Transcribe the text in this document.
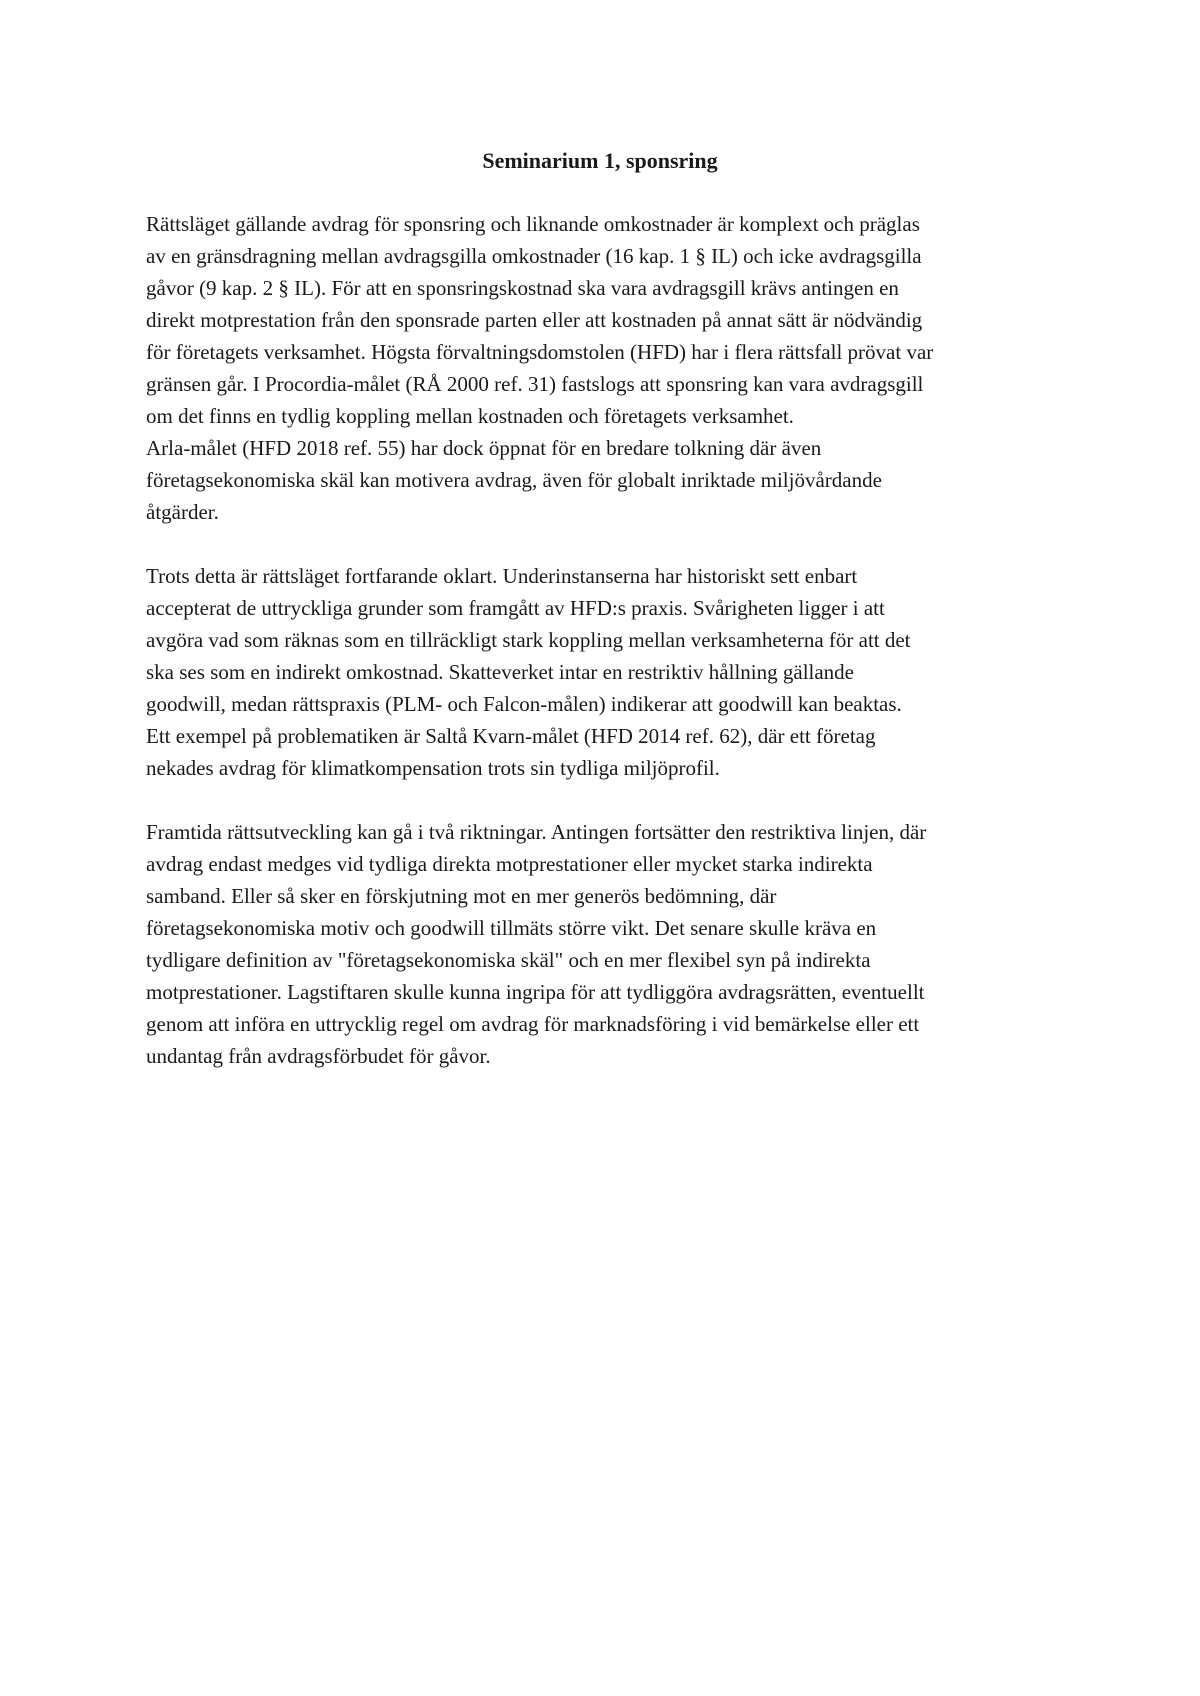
Seminarium 1, sponsring

Rättsläget gällande avdrag för sponsring och liknande omkostnader är komplext och präglas
av en gränsdragning mellan avdragsgilla omkostnader (16 kap. 1 § IL) och icke avdragsgilla
gåvor (9 kap. 2 § IL). För att en sponsringskostnad ska vara avdragsgill krävs antingen en
direkt motprestation från den sponsrade parten eller att kostnaden på annat sätt är nödvändig
för företagets verksamhet. Högsta förvaltningsdomstolen (HFD) har i flera rättsfall prövat var
gränsen går. I Procordia-målet (RÅ 2000 ref. 31) fastslogs att sponsring kan vara avdragsgill
om det finns en tydlig koppling mellan kostnaden och företagets verksamhet.
Arla-målet (HFD 2018 ref. 55) har dock öppnat för en bredare tolkning där även
företagsekonomiska skäl kan motivera avdrag, även för globalt inriktade miljövårdande
åtgärder.

Trots detta är rättsläget fortfarande oklart. Underinstanserna har historiskt sett enbart
accepterat de uttryckliga grunder som framgått av HFD:s praxis. Svårigheten ligger i att
avgöra vad som räknas som en tillräckligt stark koppling mellan verksamheterna för att det
ska ses som en indirekt omkostnad. Skatteverket intar en restriktiv hållning gällande
goodwill, medan rättspraxis (PLM- och Falcon-målen) indikerar att goodwill kan beaktas.
Ett exempel på problematiken är Saltå Kvarn-målet (HFD 2014 ref. 62), där ett företag
nekades avdrag för klimatkompensation trots sin tydliga miljöprofil.

Framtida rättsutveckling kan gå i två riktningar. Antingen fortsätter den restriktiva linjen, där
avdrag endast medges vid tydliga direkta motprestationer eller mycket starka indirekta
samband. Eller så sker en förskjutning mot en mer generös bedömning, där
företagsekonomiska motiv och goodwill tillmäts större vikt. Det senare skulle kräva en
tydligare definition av "företagsekonomiska skäl" och en mer flexibel syn på indirekta
motprestationer. Lagstiftaren skulle kunna ingripa för att tydliggöra avdragsrätten, eventuellt
genom att införa en uttrycklig regel om avdrag för marknadsföring i vid bemärkelse eller ett
undantag från avdragsförbudet för gåvor.
